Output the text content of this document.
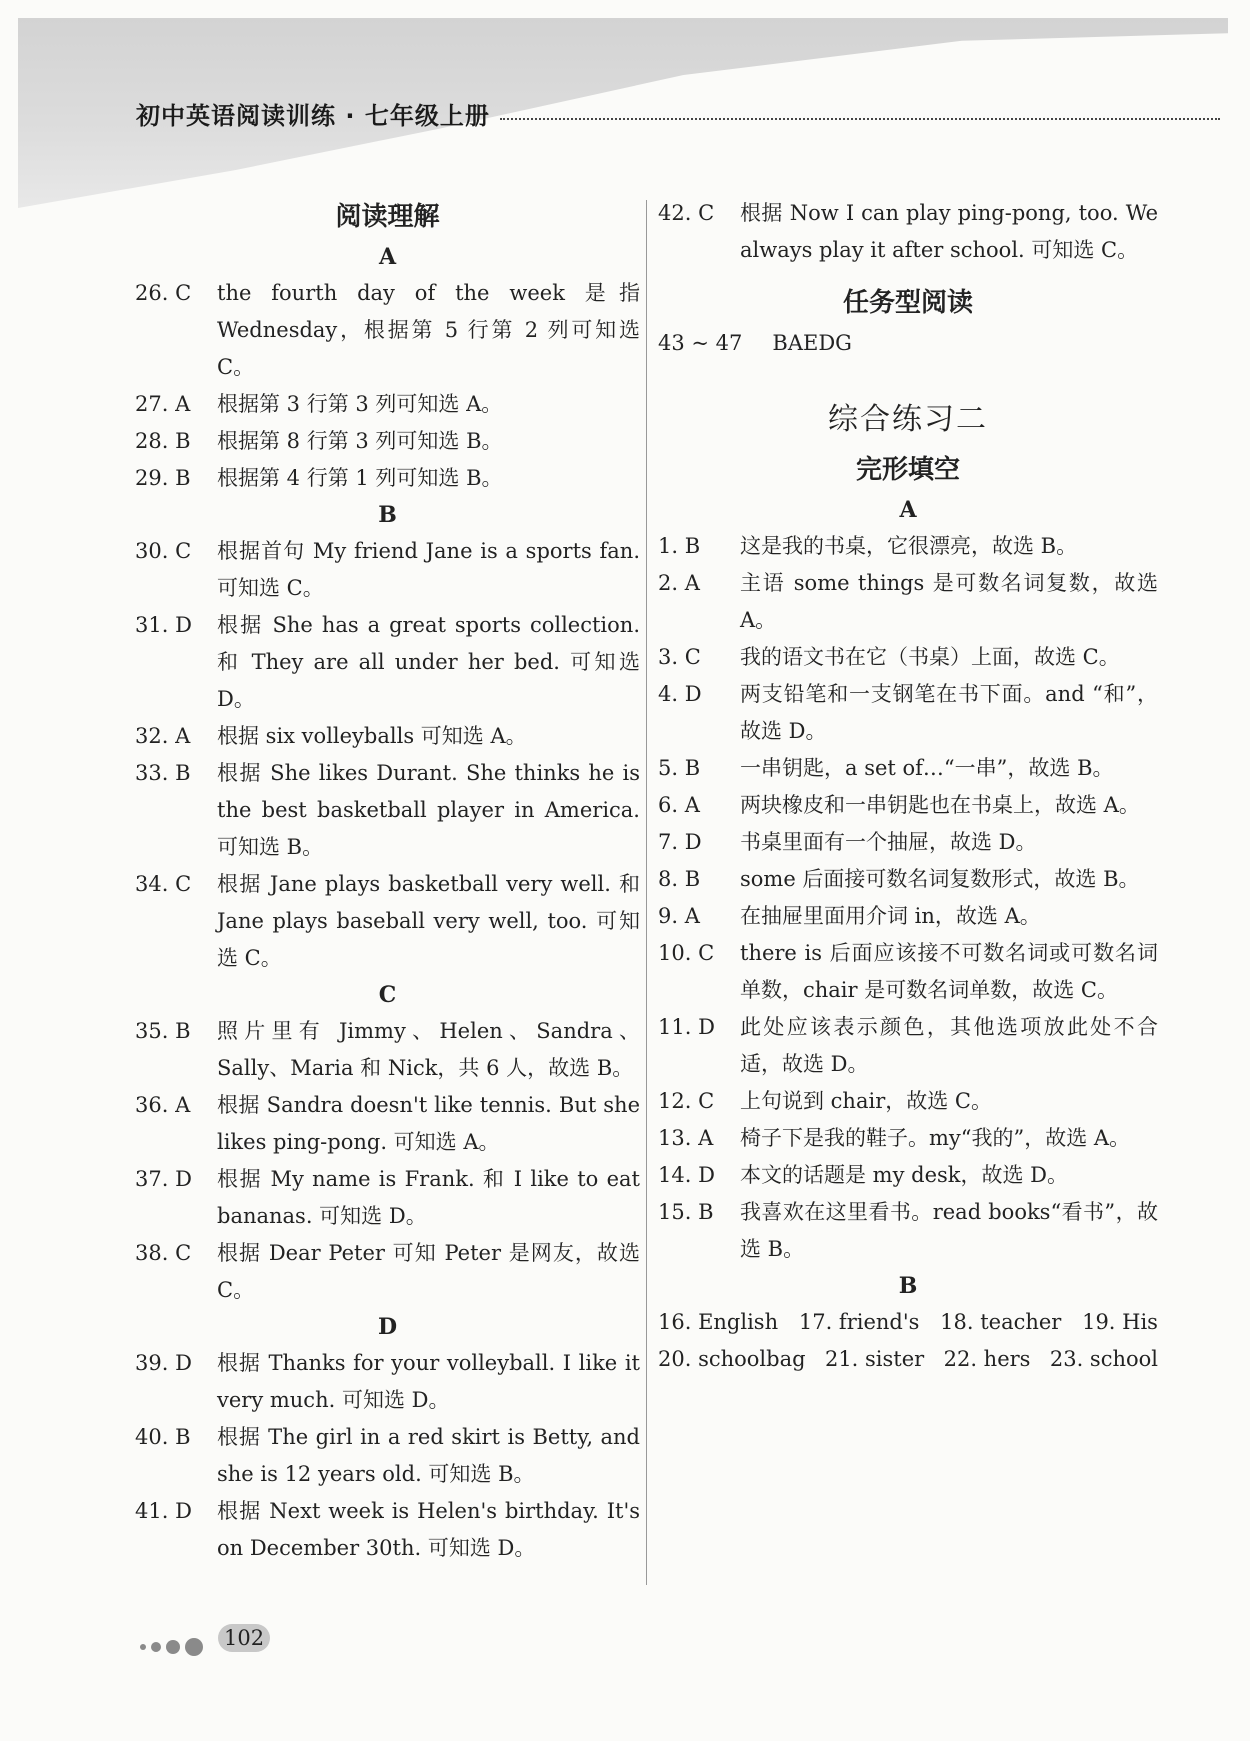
初中英语阅读训练 · 七年级上册
阅读理解
A
26. C	the fourth day of the week 是指 Wednesday，根据第 5 行第 2 列可知选 C。
27. A	根据第 3 行第 3 列可知选 A。
28. B	根据第 8 行第 3 列可知选 B。
29. B	根据第 4 行第 1 列可知选 B。
B
30. C	根据首句 My friend Jane is a sports fan. 可知选 C。
31. D	根据 She has a great sports collection. 和 They are all under her bed. 可知选 D。
32. A	根据 six volleyballs 可知选 A。
33. B	根据 She likes Durant. She thinks he is the best basketball player in America. 可知选 B。
34. C	根据 Jane plays basketball very well. 和 Jane plays baseball very well, too. 可知选 C。
C
35. B	照片里有 Jimmy、Helen、Sandra、Sally、Maria 和 Nick，共 6 人，故选 B。
36. A	根据 Sandra doesn't like tennis. But she likes ping-pong. 可知选 A。
37. D	根据 My name is Frank. 和 I like to eat bananas. 可知选 D。
38. C	根据 Dear Peter 可知 Peter 是网友，故选 C。
D
39. D	根据 Thanks for your volleyball. I like it very much. 可知选 D。
40. B	根据 The girl in a red skirt is Betty, and she is 12 years old. 可知选 B。
41. D	根据 Next week is Helen's birthday. It's on December 30th. 可知选 D。
42. C	根据 Now I can play ping-pong, too. We always play it after school. 可知选 C。
任务型阅读
43 ~ 47 BAEDG
综合练习二
完形填空
A
1. B	这是我的书桌，它很漂亮，故选 B。
2. A	主语 some things 是可数名词复数，故选 A。
3. C	我的语文书在它（书桌）上面，故选 C。
4. D	两支铅笔和一支钢笔在书下面。and “和”，故选 D。
5. B	一串钥匙，a set of…“一串”，故选 B。
6. A	两块橡皮和一串钥匙也在书桌上，故选 A。
7. D	书桌里面有一个抽屉，故选 D。
8. B	some 后面接可数名词复数形式，故选 B。
9. A	在抽屉里面用介词 in，故选 A。
10. C	there is 后面应该接不可数名词或可数名词单数，chair 是可数名词单数，故选 C。
11. D	此处应该表示颜色，其他选项放此处不合适，故选 D。
12. C	上句说到 chair，故选 C。
13. A	椅子下是我的鞋子。my“我的”，故选 A。
14. D	本文的话题是 my desk，故选 D。
15. B	我喜欢在这里看书。read books“看书”，故选 B。
B
16. English 17. friend's 18. teacher 19. His
20. schoolbag 21. sister 22. hers 23. school
102
